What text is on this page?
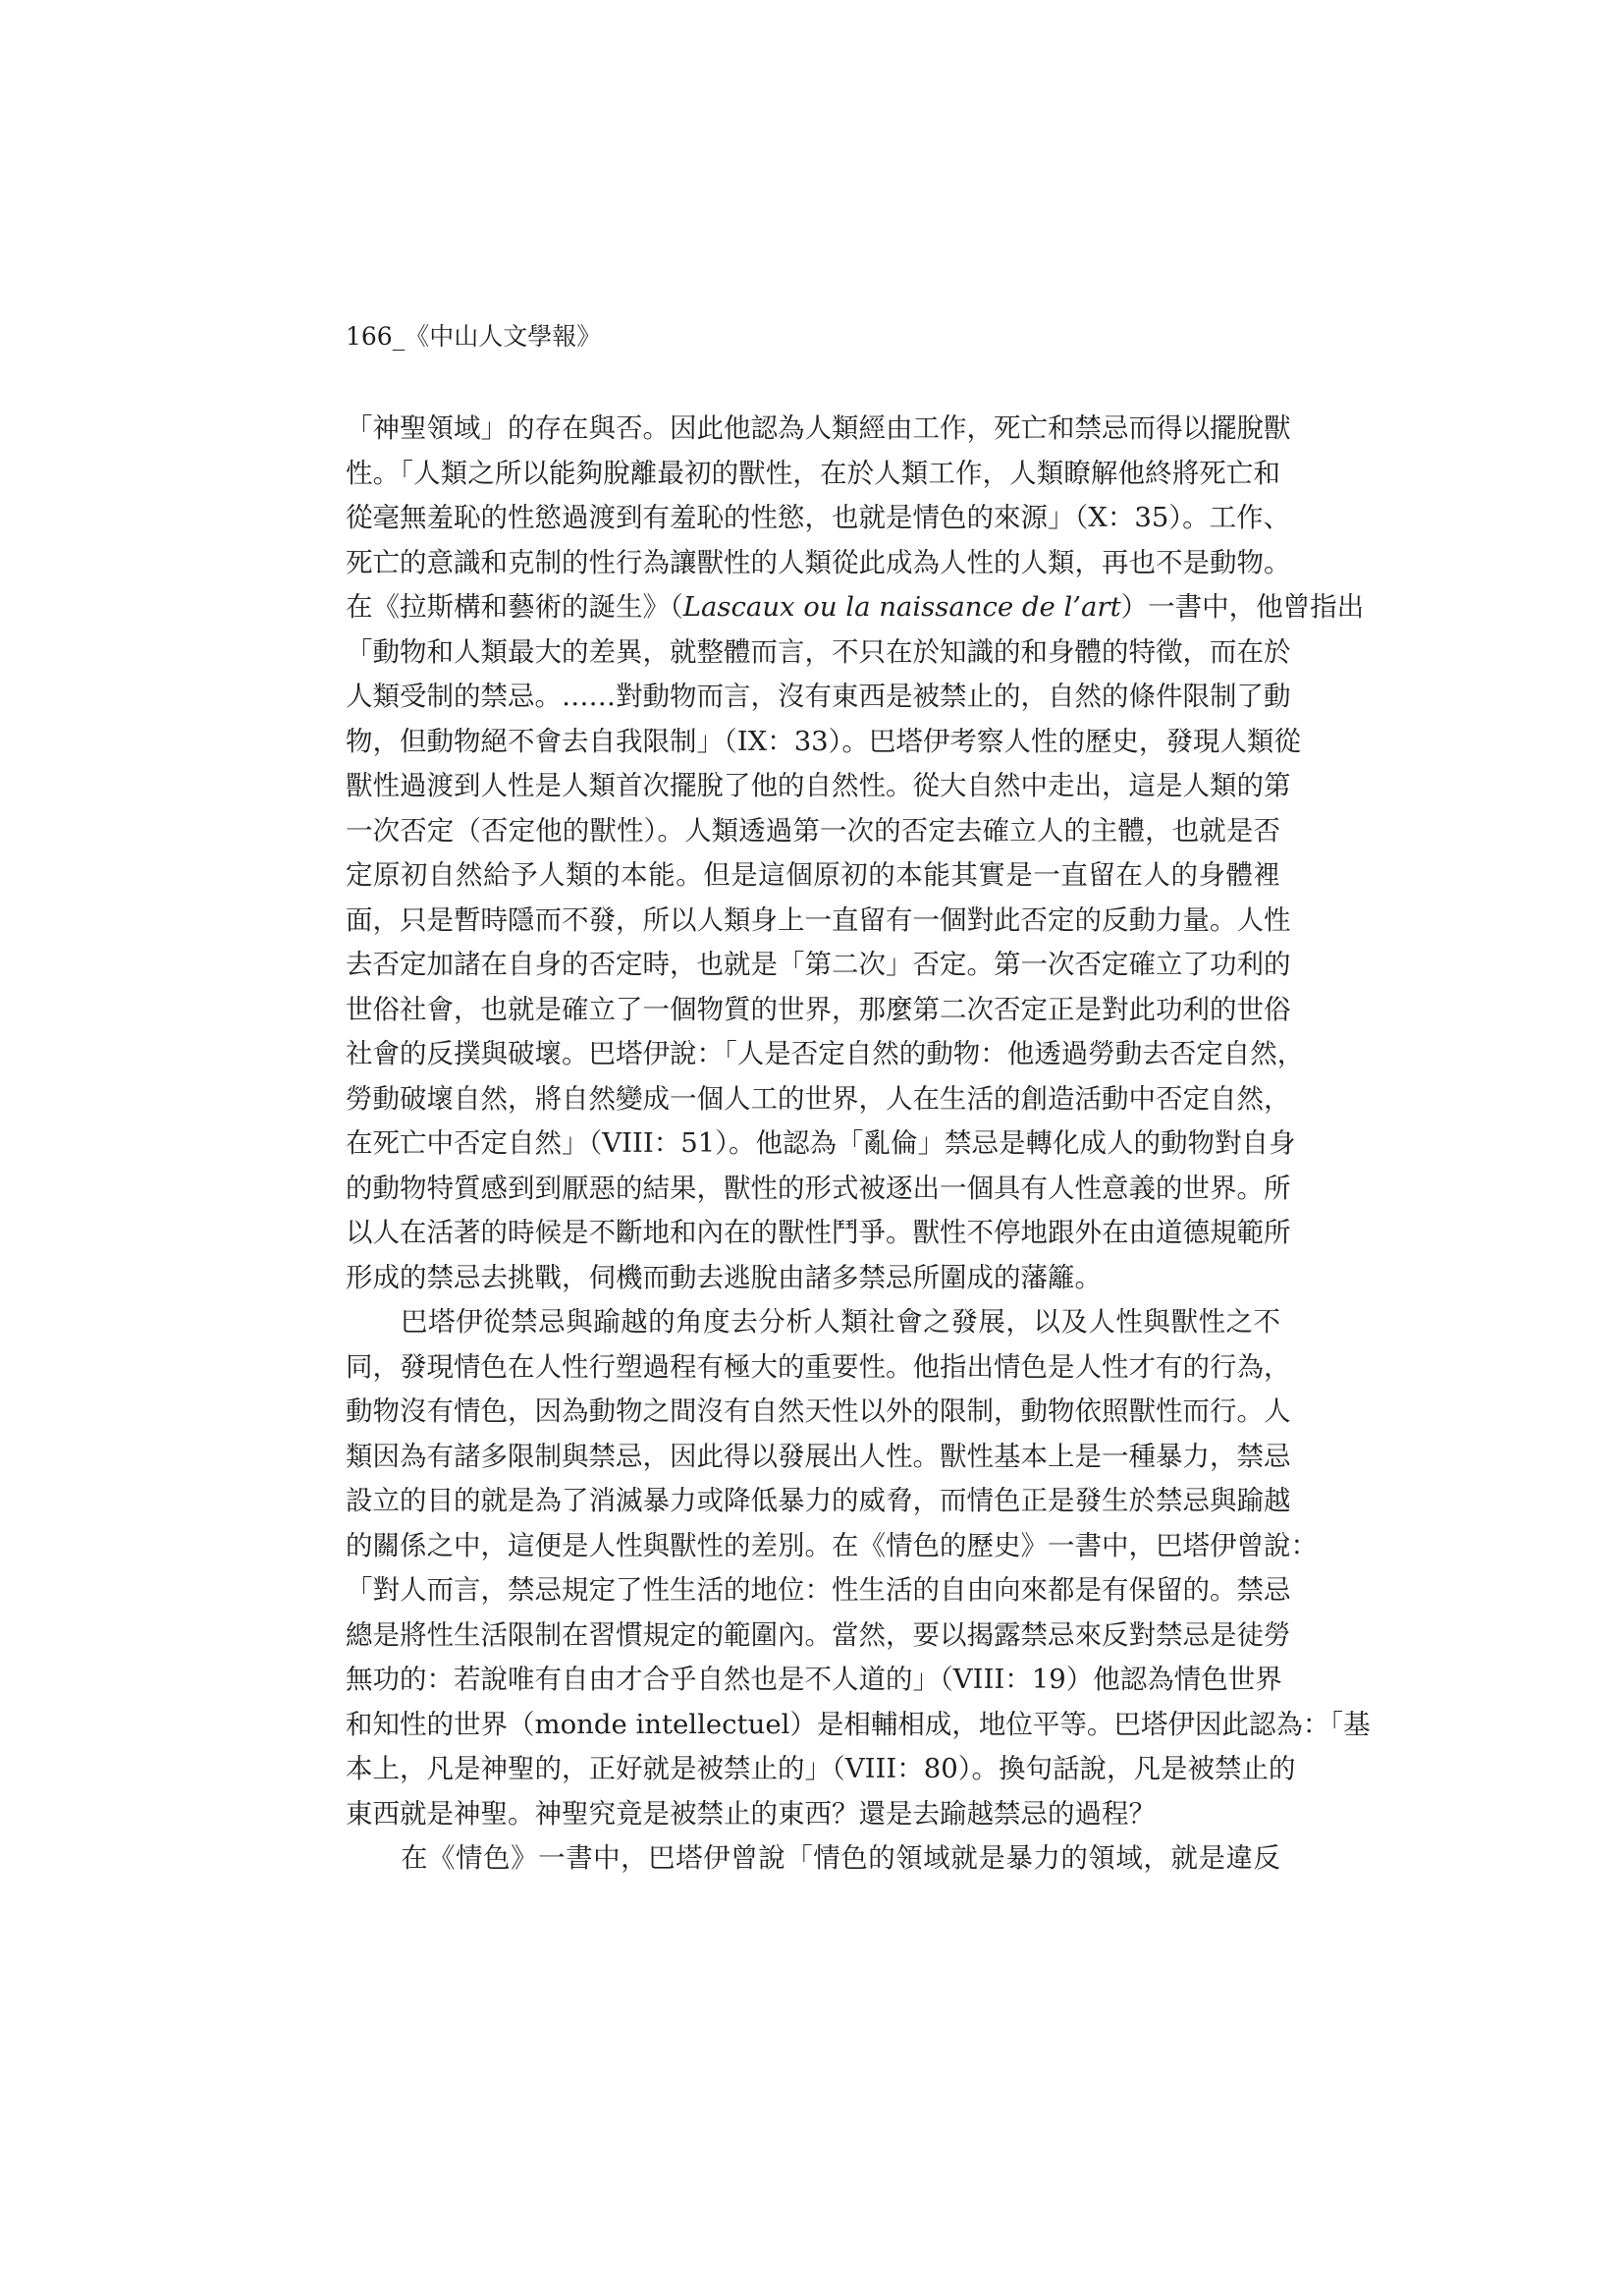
166_《中山人文學報》
「神聖領域」的存在與否。因此他認為人類經由工作，死亡和禁忌而得以擺脫獸
性。「人類之所以能夠脫離最初的獸性，在於人類工作，人類瞭解他終將死亡和
從毫無羞恥的性慾過渡到有羞恥的性慾，也就是情色的來源」（X：35）。工作、
死亡的意識和克制的性行為讓獸性的人類從此成為人性的人類，再也不是動物。
在《拉斯構和藝術的誕生》（Lascaux ou la naissance de l’art）一書中，他曾指出
「動物和人類最大的差異，就整體而言，不只在於知識的和身體的特徵，而在於
人類受制的禁忌。……對動物而言，沒有東西是被禁止的，自然的條件限制了動
物，但動物絕不會去自我限制」（IX：33）。巴塔伊考察人性的歷史，發現人類從
獸性過渡到人性是人類首次擺脫了他的自然性。從大自然中走出，這是人類的第
一次否定（否定他的獸性）。人類透過第一次的否定去確立人的主體，也就是否
定原初自然給予人類的本能。但是這個原初的本能其實是一直留在人的身體裡
面，只是暫時隱而不發，所以人類身上一直留有一個對此否定的反動力量。人性
去否定加諸在自身的否定時，也就是「第二次」否定。第一次否定確立了功利的
世俗社會，也就是確立了一個物質的世界，那麼第二次否定正是對此功利的世俗
社會的反撲與破壞。巴塔伊說：「人是否定自然的動物：他透過勞動去否定自然，
勞動破壞自然，將自然變成一個人工的世界，人在生活的創造活動中否定自然，
在死亡中否定自然」（VIII：51）。他認為「亂倫」禁忌是轉化成人的動物對自身
的動物特質感到到厭惡的結果，獸性的形式被逐出一個具有人性意義的世界。所
以人在活著的時候是不斷地和內在的獸性鬥爭。獸性不停地跟外在由道德規範所
形成的禁忌去挑戰，伺機而動去逃脫由諸多禁忌所圍成的藩籬。
巴塔伊從禁忌與踰越的角度去分析人類社會之發展，以及人性與獸性之不
同，發現情色在人性行塑過程有極大的重要性。他指出情色是人性才有的行為，
動物沒有情色，因為動物之間沒有自然天性以外的限制，動物依照獸性而行。人
類因為有諸多限制與禁忌，因此得以發展出人性。獸性基本上是一種暴力，禁忌
設立的目的就是為了消滅暴力或降低暴力的威脅，而情色正是發生於禁忌與踰越
的關係之中，這便是人性與獸性的差別。在《情色的歷史》一書中，巴塔伊曾說：
「對人而言，禁忌規定了性生活的地位：性生活的自由向來都是有保留的。禁忌
總是將性生活限制在習慣規定的範圍內。當然，要以揭露禁忌來反對禁忌是徒勞
無功的：若說唯有自由才合乎自然也是不人道的」（VIII：19）他認為情色世界
和知性的世界（monde intellectuel）是相輔相成，地位平等。巴塔伊因此認為：「基
本上，凡是神聖的，正好就是被禁止的」（VIII：80）。換句話說，凡是被禁止的
東西就是神聖。神聖究竟是被禁止的東西？還是去踰越禁忌的過程？
在《情色》一書中，巴塔伊曾說「情色的領域就是暴力的領域，就是違反
